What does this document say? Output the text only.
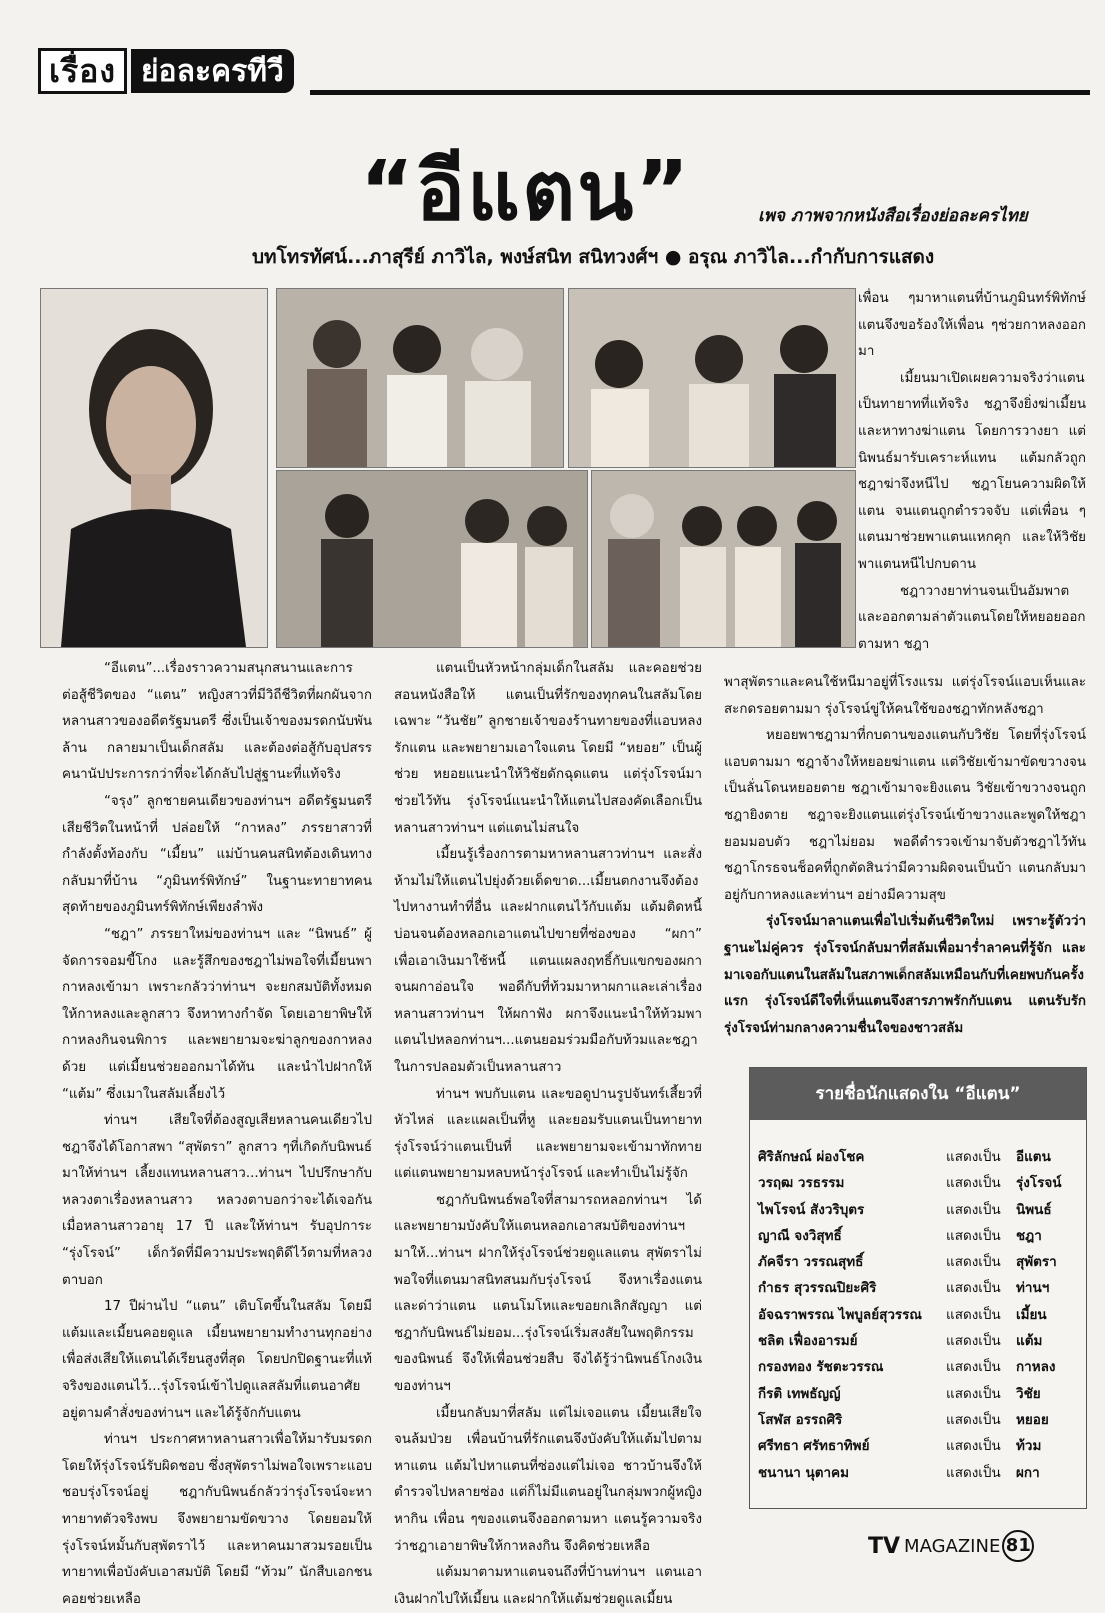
เรื่อง ย่อละครทีวี
“อีแตน”	เพจ ภาพจากหนังสือเรื่องย่อละครไทย
บทโทรทัศน์...ภาสุรีย์ ภาวิไล, พงษ์สนิท สนิทวงศ์ฯ ● อรุณ ภาวิไล...กำกับการแสดง

เพื่อน ๆมาหาแตนที่บ้านภูมินทร์พิทักษ์ แตนจึงขอร้องให้เพื่อน ๆช่วยกาหลงออกมา

เมี้ยนมาเปิดเผยความจริงว่าแตนเป็นทายาทที่แท้จริง ชฎาจึงยิ่งฆ่าเมี้ยนและหาทางฆ่าแตน โดยการวางยา แต่นิพนธ์มารับเคราะห์แทน แต้มกลัวถูกชฎาฆ่าจึงหนีไป ชฎาโยนความผิดให้แตน จนแตนถูกตำรวจจับ แต่เพื่อน ๆแตนมาช่วยพาแตนแหกคุก และให้วิชัยพาแตนหนีไปกบดาน

ชฎาวางยาท่านจนเป็นอัมพาต และออกตามล่าตัวแตนโดยให้หยอยออกตามหา ชฎา

“อีแตน”...เรื่องราวความสนุกสนานและการต่อสู้ชีวิตของ “แตน” หญิงสาวที่มีวิถีชีวิตที่ผกผันจากหลานสาวของอดีตรัฐมนตรี ซึ่งเป็นเจ้าของมรดกนับพันล้าน กลายมาเป็นเด็กสลัม และต้องต่อสู้กับอุปสรรคนานัปประการกว่าที่จะได้กลับไปสู่ฐานะที่แท้จริง

“จรุง” ลูกชายคนเดียวของท่านฯ อดีตรัฐมนตรีเสียชีวิตในหน้าที่ ปล่อยให้ “กาหลง” ภรรยาสาวที่กำลังตั้งท้องกับ “เมี้ยน” แม่บ้านคนสนิทต้องเดินทางกลับมาที่บ้าน “ภูมินทร์พิทักษ์” ในฐานะทายาทคนสุดท้ายของภูมินทร์พิทักษ์เพียงลำพัง

“ชฎา” ภรรยาใหม่ของท่านฯ และ “นิพนธ์” ผู้จัดการจอมขี้โกง และรู้สึกของชฎาไม่พอใจที่เมี้ยนพากาหลงเข้ามา เพราะกลัวว่าท่านฯ จะยกสมบัติทั้งหมดให้กาหลงและลูกสาว จึงหาทางกำจัด โดยเอายาพิษให้กาหลงกินจนพิการ และพยายามจะฆ่าลูกของกาหลงด้วย แต่เมี้ยนช่วยออกมาได้ทัน และนำไปฝากให้ “แต้ม” ซึ่งเมาในสลัมเลี้ยงไว้

ท่านฯ เสียใจที่ต้องสูญเสียหลานคนเดียวไป ชฎาจึงได้โอกาสพา “สุพัตรา” ลูกสาว ๆที่เกิดกับนิพนธ์มาให้ท่านฯ เลี้ยงแทนหลานสาว...ท่านฯ ไปปรึกษากับหลวงตาเรื่องหลานสาว หลวงตาบอกว่าจะได้เจอกันเมื่อหลานสาวอายุ 17 ปี และให้ท่านฯ รับอุปการะ “รุ่งโรจน์” เด็กวัดที่มีความประพฤติดีไว้ตามที่หลวงตาบอก

17 ปีผ่านไป “แตน” เติบโตขึ้นในสลัม โดยมีแต้มและเมี้ยนคอยดูแล เมี้ยนพยายามทำงานทุกอย่างเพื่อส่งเสียให้แตนได้เรียนสูงที่สุด โดยปกปิดฐานะที่แท้จริงของแตนไว้...รุ่งโรจน์เข้าไปดูแลสลัมที่แตนอาศัยอยู่ตามคำสั่งของท่านฯ และได้รู้จักกับแตน

ท่านฯ ประกาศหาหลานสาวเพื่อให้มารับมรดก โดยให้รุ่งโรจน์รับผิดชอบ ซึ่งสุพัตราไม่พอใจเพราะแอบชอบรุ่งโรจน์อยู่ ชฎากับนิพนธ์กลัวว่ารุ่งโรจน์จะหาทายาทตัวจริงพบ จึงพยายามขัดขวาง โดยยอมให้รุ่งโรจน์หมั้นกับสุพัตราไว้ และหาคนมาสวมรอยเป็นทายาทเพื่อบังคับเอาสมบัติ โดยมี “ท้วม” นักสืบเอกชนคอยช่วยเหลือ

แตนเป็นหัวหน้ากลุ่มเด็กในสลัม และคอยช่วยสอนหนังสือให้ แตนเป็นที่รักของทุกคนในสลัมโดยเฉพาะ “วันชัย” ลูกชายเจ้าของร้านทายของที่แอบหลงรักแตน และพยายามเอาใจแตน โดยมี “หยอย” เป็นผู้ช่วย หยอยแนะนำให้วิชัยดักฉุดแตน แต่รุ่งโรจน์มาช่วยไว้ทัน รุ่งโรจน์แนะนำให้แตนไปสองคัดเลือกเป็นหลานสาวท่านฯ แต่แตนไม่สนใจ

เมี้ยนรู้เรื่องการตามหาหลานสาวท่านฯ และสั่งห้ามไม่ให้แตนไปยุ่งด้วยเด็ดขาด...เมี้ยนตกงานจึงต้องไปหางานทำที่อื่น และฝากแตนไว้กับแต้ม แต้มติดหนี้บ่อนจนต้องหลอกเอาแตนไปขายที่ซ่องของ “ผกา” เพื่อเอาเงินมาใช้หนี้ แตนแผลงฤทธิ์กับแขกของผกา จนผกาอ่อนใจ พอดีกับที่ท้วมมาหาผกาและเล่าเรื่องหลานสาวท่านฯ ให้ผกาฟัง ผกาจึงแนะนำให้ท้วมพาแตนไปหลอกท่านฯ...แตนยอมร่วมมือกับท้วมและชฎาในการปลอมตัวเป็นหลานสาว

ท่านฯ พบกับแตน และขอดูปานรูปจันทร์เสี้ยวที่หัวไหล่ และแผลเป็นที่หู และยอมรับแตนเป็นทายาท รุ่งโรจน์ว่าแตนเป็นที่ และพยายามจะเข้ามาทักทาย แต่แตนพยายามหลบหน้ารุ่งโรจน์ และทำเป็นไม่รู้จัก

ชฎากับนิพนธ์พอใจที่สามารถหลอกท่านฯ ได้ และพยายามบังคับให้แตนหลอกเอาสมบัติของท่านฯ มาให้...ท่านฯ ฝากให้รุ่งโรจน์ช่วยดูแลแตน สุพัตราไม่พอใจที่แตนมาสนิทสนมกับรุ่งโรจน์ จึงหาเรื่องแตน และด่าว่าแตน แตนโมโหและขอยกเลิกสัญญา แต่ชฎากับนิพนธ์ไม่ยอม...รุ่งโรจน์เริ่มสงสัยในพฤติกรรมของนิพนธ์ จึงให้เพื่อนช่วยสืบ จึงได้รู้ว่านิพนธ์โกงเงินของท่านฯ

เมี้ยนกลับมาที่สลัม แต่ไม่เจอแตน เมี้ยนเสียใจจนล้มป่วย เพื่อนบ้านที่รักแตนจึงบังคับให้แต้มไปตามหาแตน แต้มไปหาแตนที่ซ่องแต่ไม่เจอ ชาวบ้านจึงให้ตำรวจไปหลายซ่อง แต่ก็ไม่มีแตนอยู่ในกลุ่มพวกผู้หญิงหากิน เพื่อน ๆของแตนจึงออกตามหา แตนรู้ความจริงว่าชฎาเอายาพิษให้กาหลงกิน จึงคิดช่วยเหลือ

แต้มมาตามหาแตนจนถึงที่บ้านท่านฯ แตนเอาเงินฝากไปให้เมี้ยน และฝากให้แต้มช่วยดูแลเมี้ยน

พาสุพัตราและคนใช้หนีมาอยู่ที่โรงแรม แต่รุ่งโรจน์แอบเห็นและสะกดรอยตามมา รุ่งโรจน์ขู่ให้คนใช้ของชฎาทักหลังชฎา

หยอยพาชฎามาที่กบดานของแตนกับวิชัย โดยที่รุ่งโรจน์แอบตามมา ชฎาจ้างให้หยอยฆ่าแตน แต่วิชัยเข้ามาขัดขวางจนเป็นลั่นโดนหยอยตาย ชฎาเข้ามาจะยิงแตน วิชัยเข้าขวางจนถูกชฎายิงตาย ชฎาจะยิงแตนแต่รุ่งโรจน์เข้าขวางและพูดให้ชฎายอมมอบตัว ชฎาไม่ยอม พอดีตำรวจเข้ามาจับตัวชฎาไว้ทัน ชฎาโกรธจนช็อคที่ถูกตัดสินว่ามีความผิดจนเป็นบ้า แตนกลับมาอยู่กับกาหลงและท่านฯ อย่างมีความสุข

รุ่งโรจน์มาลาแตนเพื่อไปเริ่มต้นชีวิตใหม่ เพราะรู้ตัวว่าฐานะไม่คู่ควร รุ่งโรจน์กลับมาที่สลัมเพื่อมาร่ำลาคนที่รู้จัก และมาเจอกับแตนในสลัมในสภาพเด็กสลัมเหมือนกับที่เคยพบกันครั้งแรก รุ่งโรจน์ดีใจที่เห็นแตนจึงสารภาพรักกับแตน แตนรับรักรุ่งโรจน์ท่ามกลางความชื่นใจของชาวสลัม

รายชื่อนักแสดงใน “อีแตน”
ศิริลักษณ์ ผ่องโชค	แสดงเป็น	อีแตน
วรฤฒ วรธรรม	แสดงเป็น	รุ่งโรจน์
ไพโรจน์ สังวริบุตร	แสดงเป็น	นิพนธ์
ญาณี จงวิสุทธิ์	แสดงเป็น	ชฎา
ภัคจีรา วรรณสุทธิ์	แสดงเป็น	สุพัตรา
กำธร สุวรรณปิยะศิริ	แสดงเป็น	ท่านฯ
อัจฉราพรรณ ไพบูลย์สุวรรณ	แสดงเป็น	เมี้ยน
ชลิต เฟื่องอารมย์	แสดงเป็น	แต้ม
กรองทอง รัชตะวรรณ	แสดงเป็น	กาหลง
กีรติ เทพธัญญ์	แสดงเป็น	วิชัย
โสฬส อรรถศิริ	แสดงเป็น	หยอย
ศรีทธา ศรัทธาทิพย์	แสดงเป็น	ท้วม
ชนานา นุตาคม	แสดงเป็น	ผกา
TV MAGAZINE 81
